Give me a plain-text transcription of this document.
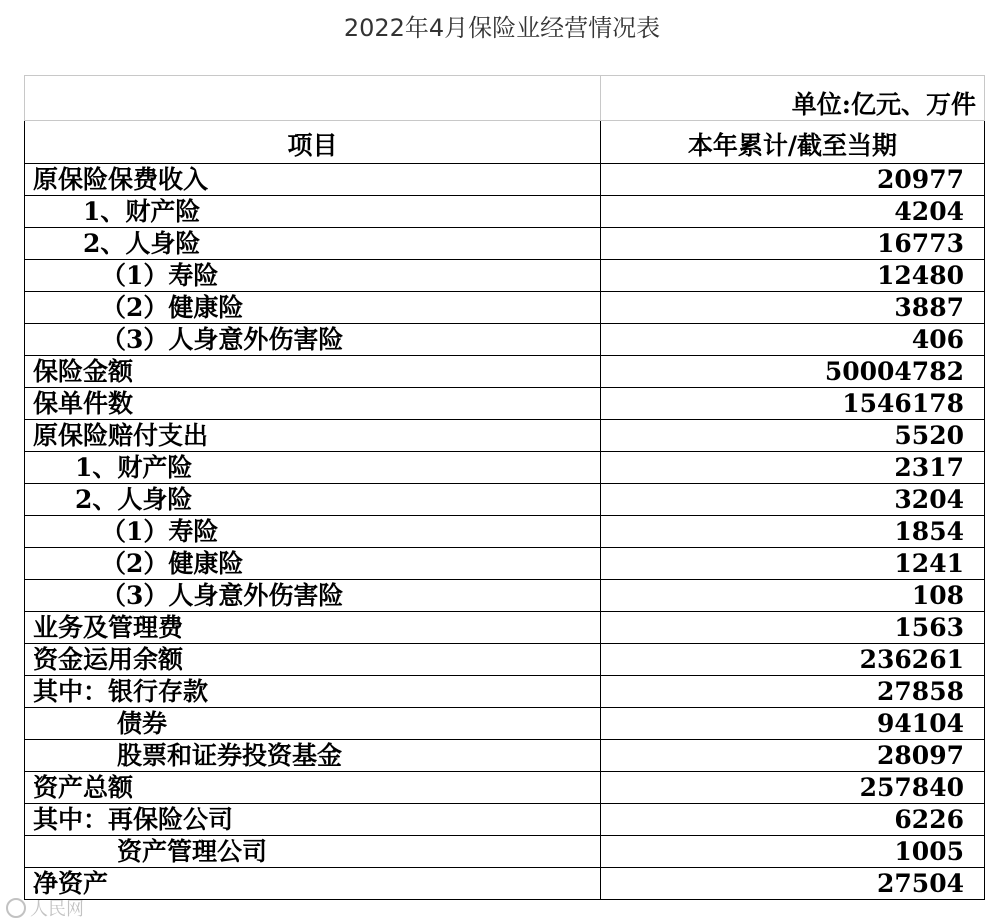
2022年4月保险业经营情况表
	单位:亿元、万件
项目	本年累计/截至当期
原保险保费收入	20977
1、财产险	4204
2、人身险	16773
（1）寿险	12480
（2）健康险	3887
（3）人身意外伤害险	406
保险金额	50004782
保单件数	1546178
原保险赔付支出	5520
1、财产险	2317
2、人身险	3204
（1）寿险	1854
（2）健康险	1241
（3）人身意外伤害险	108
业务及管理费	1563
资金运用余额	236261
其中：银行存款	27858
债券	94104
股票和证券投资基金	28097
资产总额	257840
其中：再保险公司	6226
资产管理公司	1005
净资产	27504
人民网
